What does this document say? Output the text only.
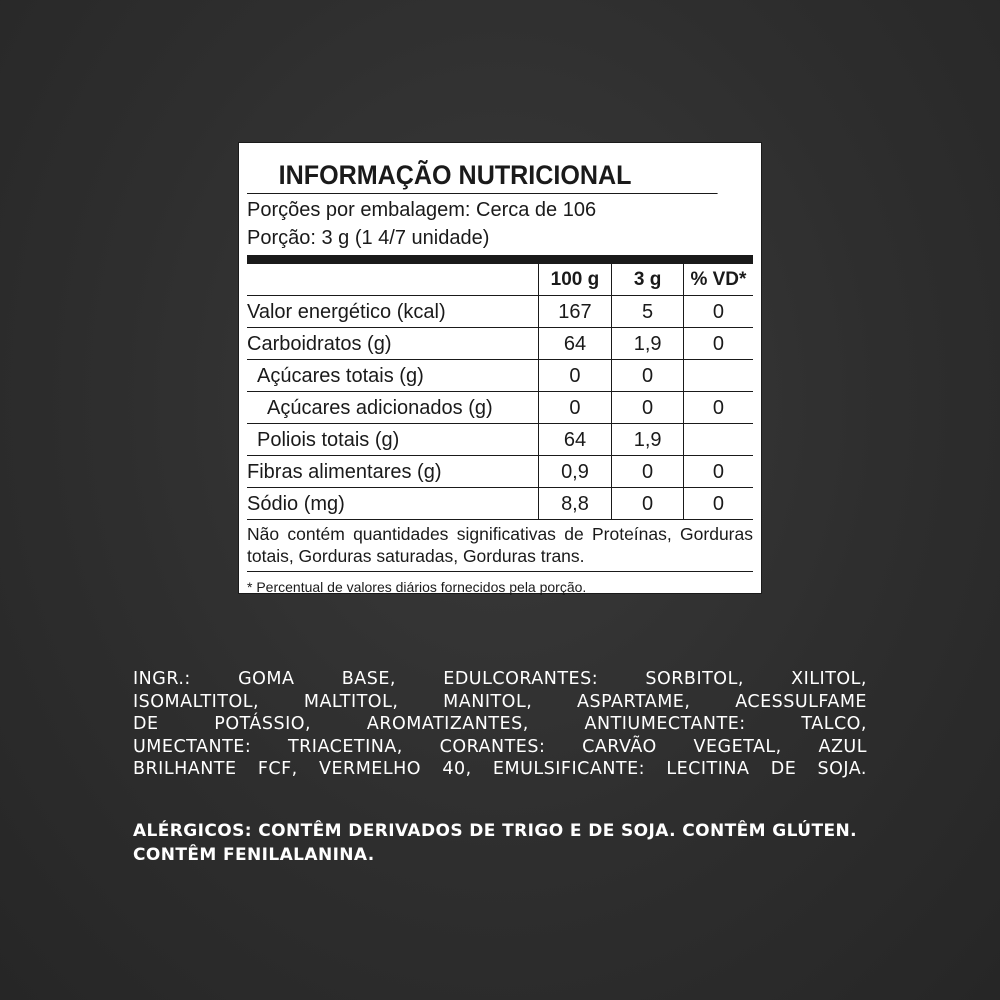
INFORMAÇÃO NUTRICIONAL
Porções por embalagem: Cerca de 106
Porção: 3 g (1 4/7 unidade)
	100 g	3 g	% VD*
Valor energético (kcal)	167	5	0
Carboidratos (g)	64	1,9	0
Açúcares totais (g)	0	0	
Açúcares adicionados (g)	0	0	0
Poliois totais (g)	64	1,9	
Fibras alimentares (g)	0,9	0	0
Sódio (mg)	8,8	0	0
Não contém quantidades significativas de Proteínas, Gorduras totais, Gorduras saturadas, Gorduras trans.
* Percentual de valores diários fornecidos pela porção.
INGR.: GOMA BASE, EDULCORANTES: SORBITOL, XILITOL,
ISOMALTITOL, MALTITOL, MANITOL, ASPARTAME, ACESSULFAME
DE POTÁSSIO, AROMATIZANTES, ANTIUMECTANTE: TALCO,
UMECTANTE: TRIACETINA, CORANTES: CARVÃO VEGETAL, AZUL
BRILHANTE FCF, VERMELHO 40, EMULSIFICANTE: LECITINA DE SOJA.
ALÉRGICOS: CONTÊM DERIVADOS DE TRIGO E DE SOJA. CONTÊM GLÚTEN.
CONTÊM FENILALANINA.
